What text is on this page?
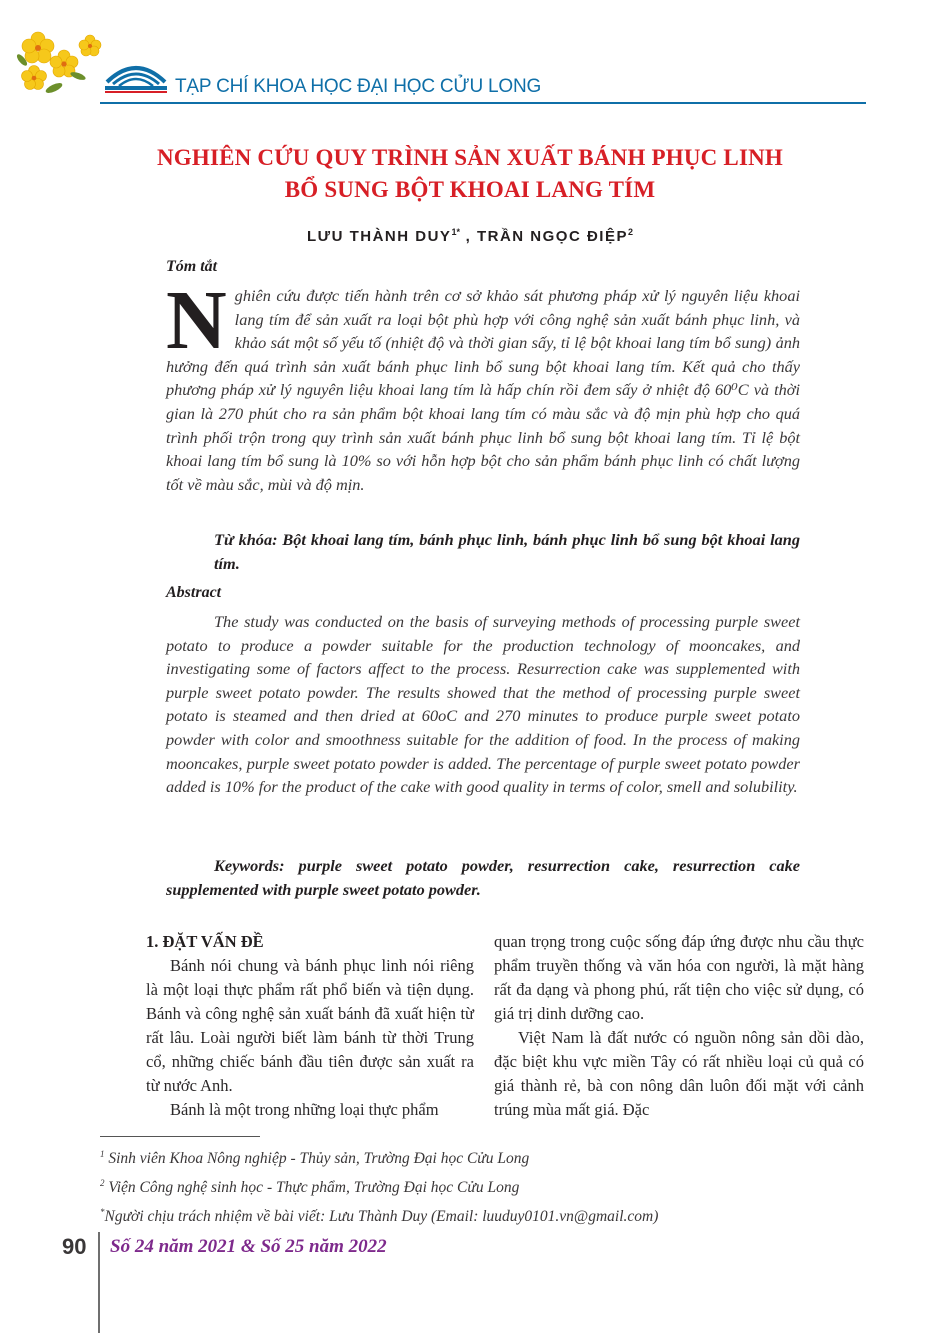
TẠP CHÍ KHOA HỌC ĐẠI HỌC CỬU LONG
NGHIÊN CỨU QUY TRÌNH SẢN XUẤT BÁNH PHỤC LINH
BỔ SUNG BỘT KHOAI LANG TÍM
LƯU THÀNH $DUY^{1*}$ , TRẦN NGỌC ĐIỆP$^2$
Tóm tắt
Nghiên cứu được tiến hành trên cơ sở khảo sát phương pháp xử lý nguyên liệu khoai lang tím để sản xuất ra loại bột phù hợp với công nghệ sản xuất bánh phục linh, và khảo sát một số yếu tố (nhiệt độ và thời gian sấy, tỉ lệ bột khoai lang tím bổ sung) ảnh hưởng đến quá trình sản xuất bánh phục linh bổ sung bột khoai lang tím. Kết quả cho thấy phương pháp xử lý nguyên liệu khoai lang tím là hấp chín rồi đem sấy ở nhiệt độ 60⁰C và thời gian là 270 phút cho ra sản phẩm bột khoai lang tím có màu sắc và độ mịn phù hợp cho quá trình phối trộn trong quy trình sản xuất bánh phục linh bổ sung bột khoai lang tím. Tỉ lệ bột khoai lang tím bổ sung là 10% so với hỗn hợp bột cho sản phẩm bánh phục linh có chất lượng tốt về màu sắc, mùi và độ mịn.
Từ khóa: Bột khoai lang tím, bánh phục linh, bánh phục linh bổ sung bột khoai lang tím.
Abstract
The study was conducted on the basis of surveying methods of processing purple sweet potato to produce a powder suitable for the production technology of mooncakes, and investigating some of factors affect to the process. Resurrection cake was supplemented with purple sweet potato powder. The results showed that the method of processing purple sweet potato is steamed and then dried at 60oC and 270 minutes to produce purple sweet potato powder with color and smoothness suitable for the addition of food. In the process of making mooncakes, purple sweet potato powder is added. The percentage of purple sweet potato powder added is 10% for the product of the cake with good quality in terms of color, smell and solubility.
Keywords: purple sweet potato powder, resurrection cake, resurrection cake supplemented with purple sweet potato powder.

1. ĐẶT VẤN ĐỀ

Bánh nói chung và bánh phục linh nói riêng là một loại thực phẩm rất phổ biến và tiện dụng. Bánh và công nghệ sản xuất bánh đã xuất hiện từ rất lâu. Loài người biết làm bánh từ thời Trung cổ, những chiếc bánh đầu tiên được sản xuất ra từ nước Anh.

Bánh là một trong những loại thực phẩm

quan trọng trong cuộc sống đáp ứng được nhu cầu thực phẩm truyền thống và văn hóa con người, là mặt hàng rất đa dạng và phong phú, rất tiện cho việc sử dụng, có giá trị dinh dưỡng cao.

Việt Nam là đất nước có nguồn nông sản dồi dào, đặc biệt khu vực miền Tây có rất nhiều loại củ quả có giá thành rẻ, bà con nông dân luôn đối mặt với cảnh trúng mùa mất giá. Đặc

$^1$ Sinh viên Khoa Nông nghiệp - Thủy sản, Trường Đại học Cửu Long
$^2$ Viện Công nghệ sinh học - Thực phẩm, Trường Đại học Cửu Long
*Người chịu trách nhiệm về bài viết: Lưu Thành Duy (Email: luuduy0101.vn@gmail.com)
90 Số 24 năm 2021 & Số 25 năm 2022
